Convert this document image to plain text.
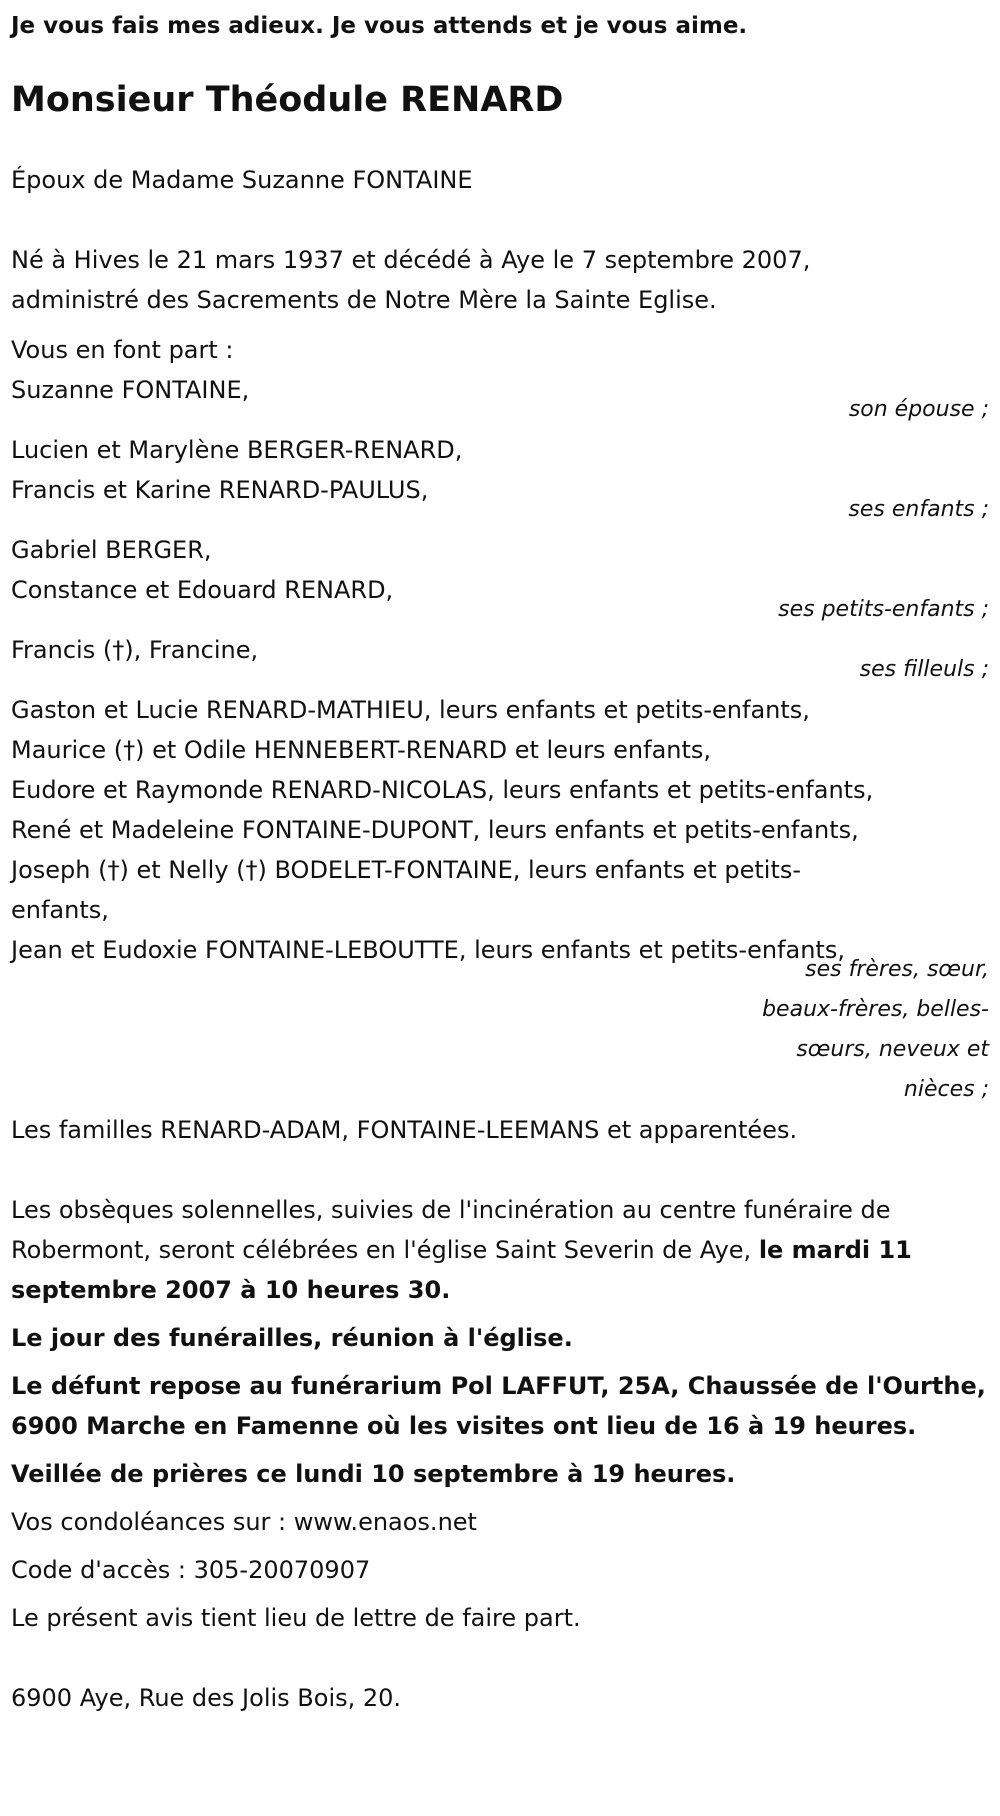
Je vous fais mes adieux. Je vous attends et je vous aime.

Monsieur Théodule RENARD

Époux de Madame Suzanne FONTAINE

Né à Hives le 21 mars 1937 et décédé à Aye le 7 septembre 2007,

administré des Sacrements de Notre Mère la Sainte Eglise.

Vous en font part :

Suzanne FONTAINE,

son épouse ;

Lucien et Marylène BERGER-RENARD,

Francis et Karine RENARD-PAULUS,

ses enfants ;

Gabriel BERGER,

Constance et Edouard RENARD,

ses petits-enfants ;

Francis (†), Francine,

ses filleuls ;

Gaston et Lucie RENARD-MATHIEU, leurs enfants et petits-enfants,

Maurice (†) et Odile HENNEBERT-RENARD et leurs enfants,

Eudore et Raymonde RENARD-NICOLAS, leurs enfants et petits-enfants,

René et Madeleine FONTAINE-DUPONT, leurs enfants et petits-enfants,

Joseph (†) et Nelly (†) BODELET-FONTAINE, leurs enfants et petits-

enfants,

Jean et Eudoxie FONTAINE-LEBOUTTE, leurs enfants et petits-enfants,

ses frères, sœur,

beaux-frères, belles-

sœurs, neveux et

nièces ;

Les familles RENARD-ADAM, FONTAINE-LEEMANS et apparentées.

Les obsèques solennelles, suivies de l'incinération au centre funéraire de Robermont, seront célébrées en l'église Saint Severin de Aye, le mardi 11 septembre 2007 à 10 heures 30.

Le jour des funérailles, réunion à l'église.

Le défunt repose au funérarium Pol LAFFUT, 25A, Chaussée de l'Ourthe, 6900 Marche en Famenne où les visites ont lieu de 16 à 19 heures.

Veillée de prières ce lundi 10 septembre à 19 heures.

Vos condoléances sur : www.enaos.net

Code d'accès : 305-20070907

Le présent avis tient lieu de lettre de faire part.

6900 Aye, Rue des Jolis Bois, 20.
